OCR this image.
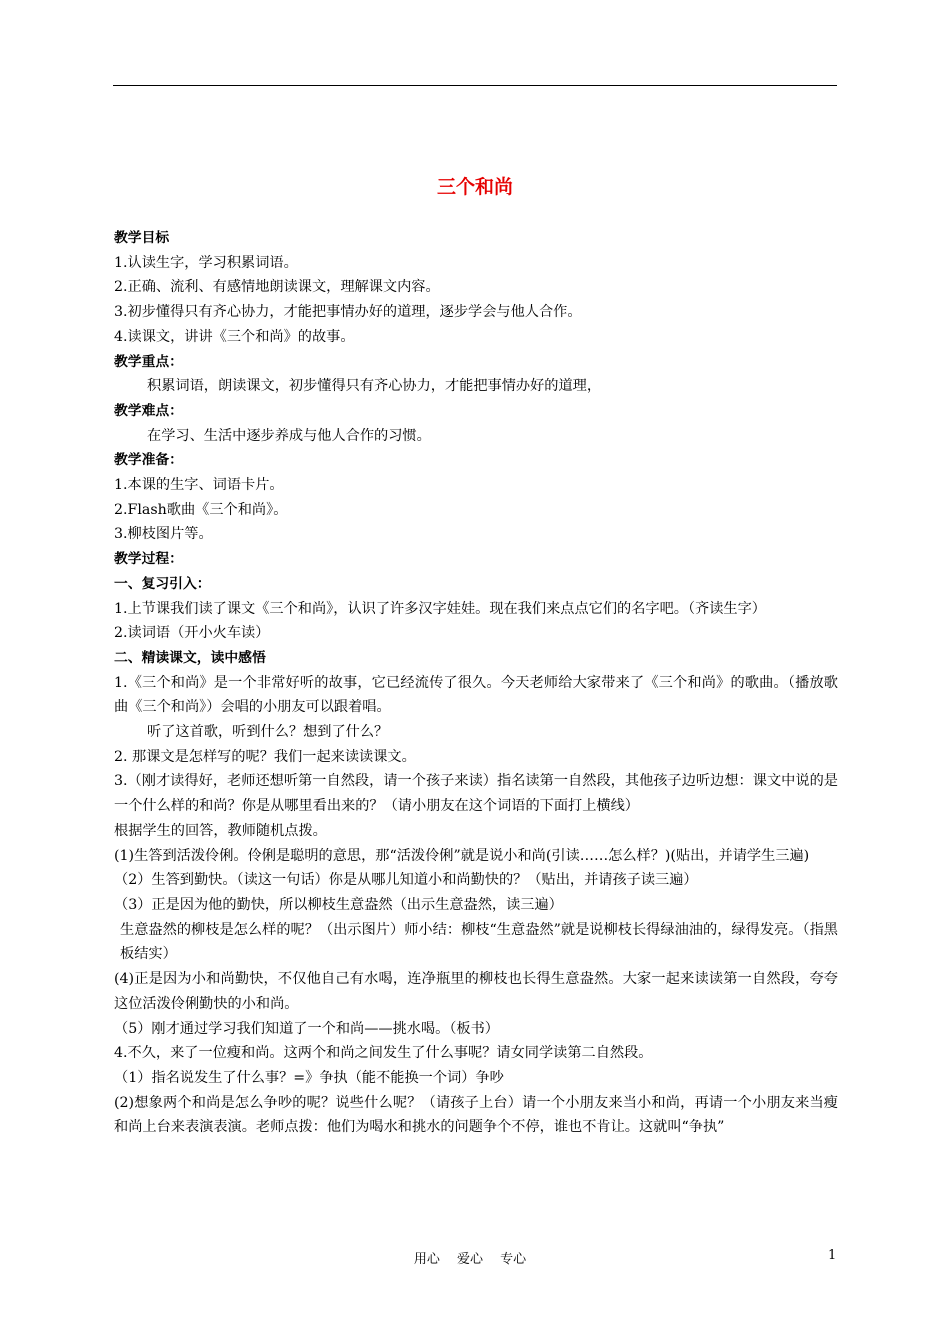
三个和尚
教学目标
1.认读生字，学习积累词语。
2.正确、流利、有感情地朗读课文，理解课文内容。
3.初步懂得只有齐心协力，才能把事情办好的道理，逐步学会与他人合作。
4.读课文，讲讲《三个和尚》的故事。
教学重点：
积累词语，朗读课文，初步懂得只有齐心协力，才能把事情办好的道理，
教学难点：
在学习、生活中逐步养成与他人合作的习惯。
教学准备：
1.本课的生字、词语卡片。
2.Flash歌曲《三个和尚》。
3.柳枝图片等。
教学过程：
一、复习引入：
1.上节课我们读了课文《三个和尚》，认识了许多汉字娃娃。现在我们来点点它们的名字吧。（齐读生字）
2.读词语（开小火车读）
二、精读课文，读中感悟
1.《三个和尚》是一个非常好听的故事，它已经流传了很久。今天老师给大家带来了《三个和尚》的歌曲。（播放歌曲《三个和尚》）会唱的小朋友可以跟着唱。
听了这首歌，听到什么？想到了什么？
2. 那课文是怎样写的呢？我们一起来读读课文。
3.（刚才读得好，老师还想听第一自然段，请一个孩子来读）指名读第一自然段，其他孩子边听边想：课文中说的是一个什么样的和尚？你是从哪里看出来的？（请小朋友在这个词语的下面打上横线）
根据学生的回答，教师随机点拨。
(1)生答到活泼伶俐。伶俐是聪明的意思，那“活泼伶俐”就是说小和尚(引读……怎么样？)(贴出，并请学生三遍)
（2）生答到勤快。（读这一句话）你是从哪儿知道小和尚勤快的？（贴出，并请孩子读三遍）
（3）正是因为他的勤快，所以柳枝生意盎然（出示生意盎然，读三遍）
生意盎然的柳枝是怎么样的呢？（出示图片）师小结：柳枝“生意盎然”就是说柳枝长得绿油油的，绿得发亮。（指黑板结实）
(4)正是因为小和尚勤快，不仅他自己有水喝，连净瓶里的柳枝也长得生意盎然。大家一起来读读第一自然段，夸夸这位活泼伶俐勤快的小和尚。
（5）刚才通过学习我们知道了一个和尚——挑水喝。（板书）
4.不久，来了一位瘦和尚。这两个和尚之间发生了什么事呢？请女同学读第二自然段。
（1）指名说发生了什么事？=》争执（能不能换一个词）争吵
(2)想象两个和尚是怎么争吵的呢？说些什么呢？（请孩子上台）请一个小朋友来当小和尚，再请一个小朋友来当瘦和尚上台来表演表演。老师点拨：他们为喝水和挑水的问题争个不停，谁也不肯让。这就叫“争执”
用心　 爱心　 专心	1
